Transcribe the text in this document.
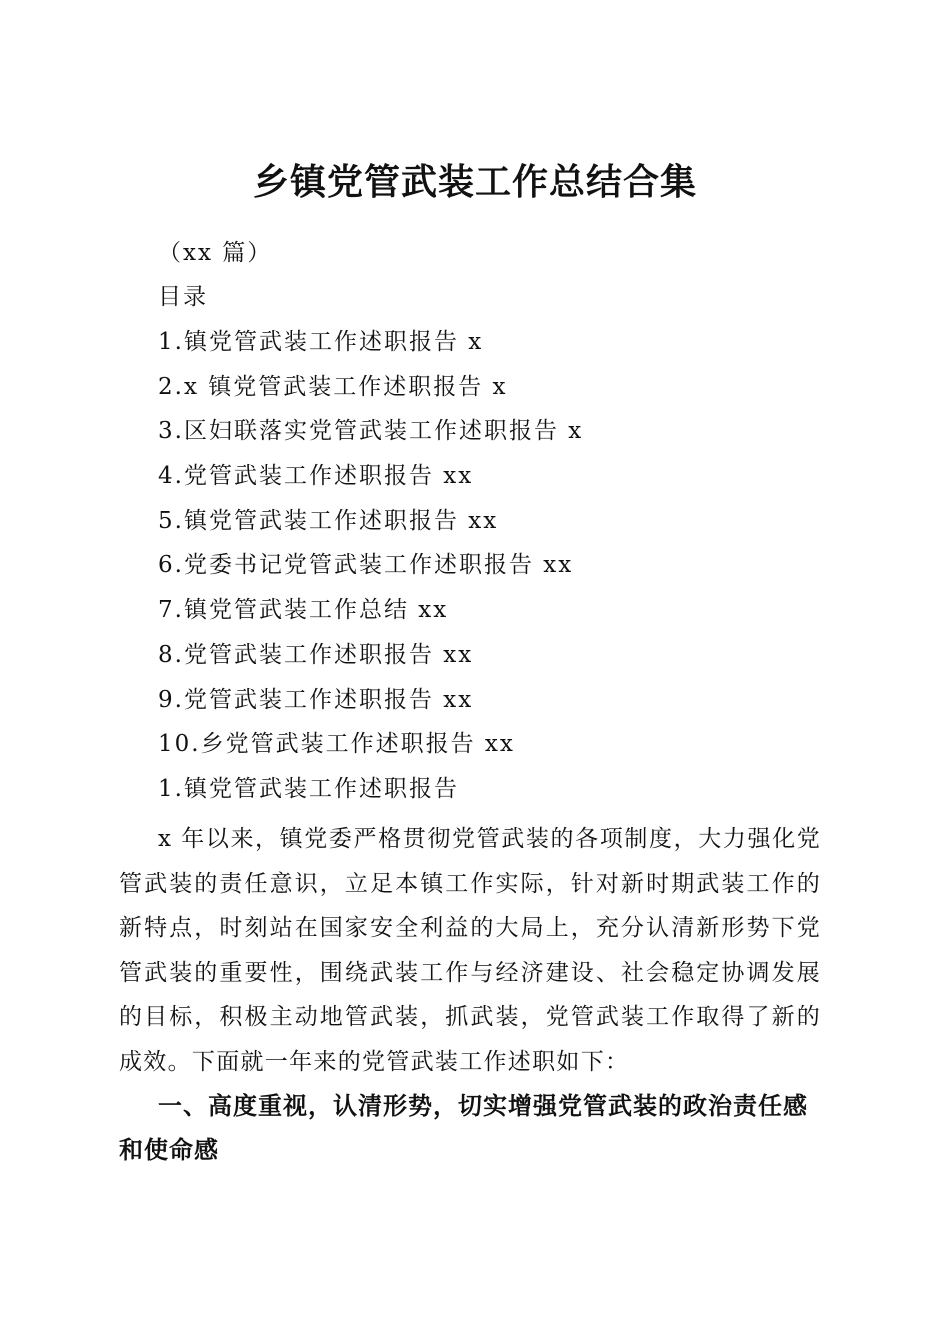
乡镇党管武装工作总结合集
（xx 篇）
目录
1.镇党管武装工作述职报告 x
2.x 镇党管武装工作述职报告 x
3.区妇联落实党管武装工作述职报告 x
4.党管武装工作述职报告 xx
5.镇党管武装工作述职报告 xx
6.党委书记党管武装工作述职报告 xx
7.镇党管武装工作总结 xx
8.党管武装工作述职报告 xx
9.党管武装工作述职报告 xx
10.乡党管武装工作述职报告 xx
1.镇党管武装工作述职报告

x 年以来，镇党委严格贯彻党管武装的各项制度，大力强化党管武装的责任意识，立足本镇工作实际，针对新时期武装工作的新特点，时刻站在国家安全利益的大局上，充分认清新形势下党管武装的重要性，围绕武装工作与经济建设、社会稳定协调发展的目标，积极主动地管武装，抓武装，党管武装工作取得了新的成效。下面就一年来的党管武装工作述职如下：

一、高度重视，认清形势，切实增强党管武装的政治责任感和使命感
